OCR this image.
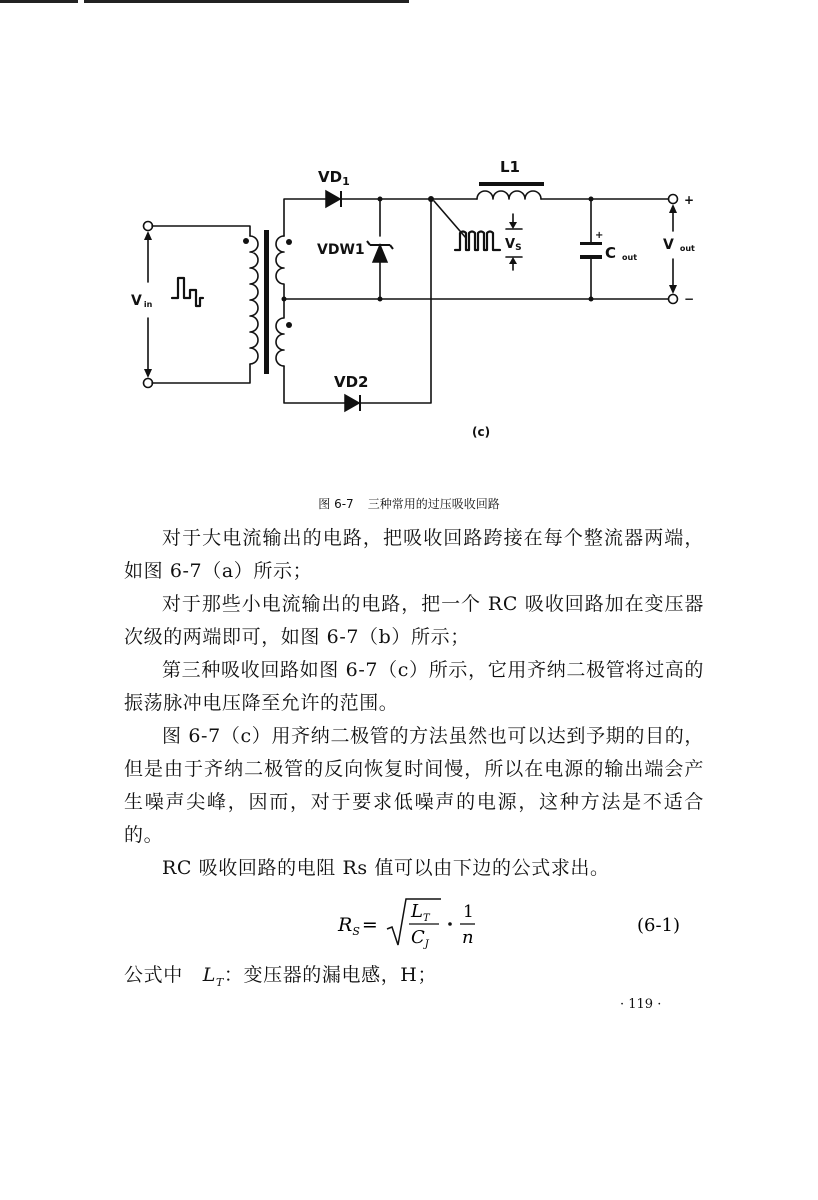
$VD_1$
VDW1
VD2
L1
VS	Cout
Vin
Vout
+
−
+
(c)
图 6-7 三种常用的过压吸收回路

对于大电流输出的电路，把吸收回路跨接在每个整流器两端，如图 6-7（a）所示；

对于那些小电流输出的电路，把一个 RC 吸收回路加在变压器次级的两端即可，如图 6-7（b）所示；

第三种吸收回路如图 6-7（c）所示，它用齐纳二极管将过高的振荡脉冲电压降至允许的范围。

图 6-7（c）用齐纳二极管的方法虽然也可以达到予期的目的，但是由于齐纳二极管的反向恢复时间慢，所以在电源的输出端会产生噪声尖峰，因而，对于要求低噪声的电源，这种方法是不适合的。

RC 吸收回路的电阻 Rs 值可以由下边的公式求出。

$R_S$ =
$L_T$
$C_J$
1
n
(6-1)
公式中 $L_T$：变压器的漏电感，H；
· 119 ·
